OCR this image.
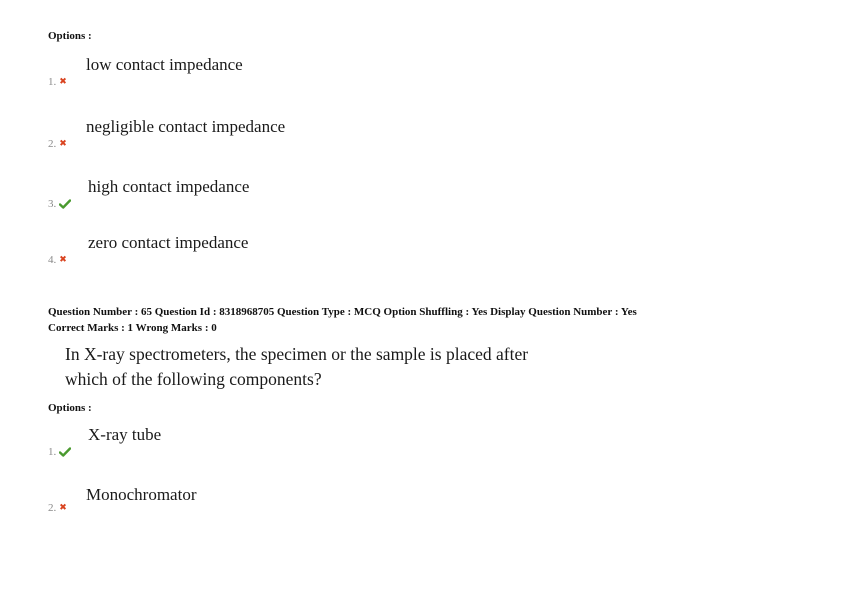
Options :
low contact impedance
1. ✖
negligible contact impedance
2. ✖
high contact impedance
3.
zero contact impedance
4. ✖
Question Number : 65 Question Id : 8318968705 Question Type : MCQ Option Shuffling : Yes Display Question Number : Yes
Correct Marks : 1 Wrong Marks : 0
In X-ray spectrometers, the specimen or the sample is placed after
which of the following components?
Options :
X-ray tube
1.
Monochromator
2. ✖
